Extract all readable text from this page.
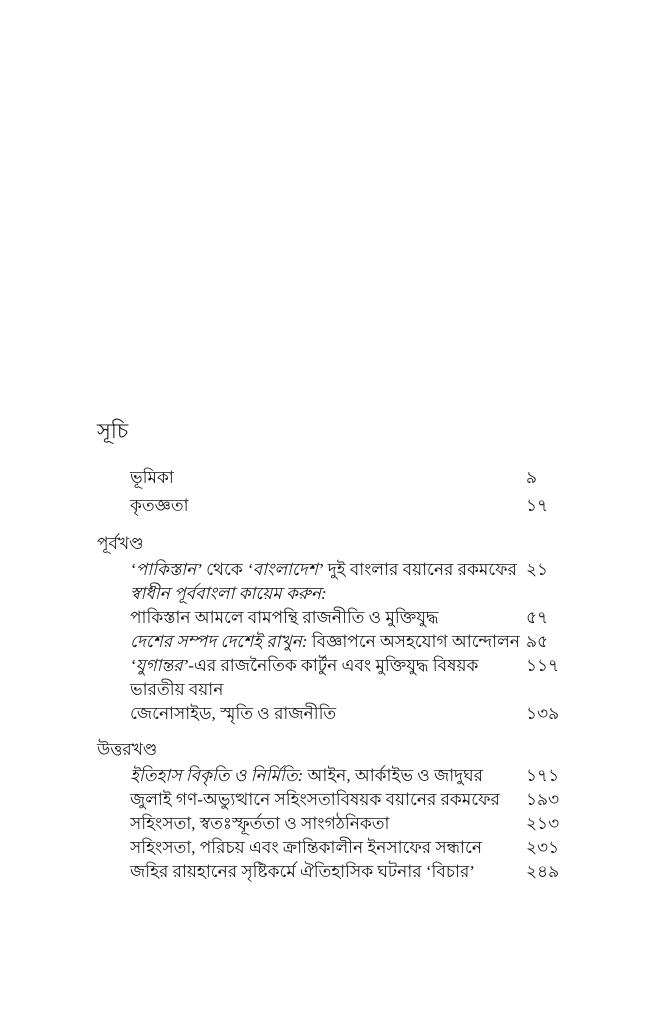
সূচি
ভূমিকা	৯
কৃতজ্ঞতা	১৭
পূর্বখণ্ড
‘পাকিস্তান’ থেকে ‘বাংলাদেশ’ দুই বাংলার বয়ানের রকমফের ২১
স্বাধীন পূর্ববাংলা কায়েম করুন:
পাকিস্তান আমলে বামপন্থি রাজনীতি ও মুক্তিযুদ্ধ	৫৭
দেশের সম্পদ দেশেই রাখুন: বিজ্ঞাপনে অসহযোগ আন্দোলন ৯৫
‘যুগান্তর’-এর রাজনৈতিক কার্টুন এবং মুক্তিযুদ্ধ বিষয়ক ভারতীয় বয়ান
১১৭
জেনোসাইড, স্মৃতি ও রাজনীতি	১৩৯
উত্তরখণ্ড
ইতিহাস বিকৃতি ও নির্মিতি: আইন, আর্কাইভ ও জাদুঘর	১৭১
জুলাই গণ-অভ্যুত্থানে সহিংসতাবিষয়ক বয়ানের রকমফের ১৯৩
সহিংসতা, স্বতঃস্ফূর্ততা ও সাংগঠনিকতা	২১৩
সহিংসতা, পরিচয় এবং ক্রান্তিকালীন ইনসাফের সন্ধানে	২৩১
জহির রায়হানের সৃষ্টিকর্মে ঐতিহাসিক ঘটনার ‘বিচার’	২৪৯
